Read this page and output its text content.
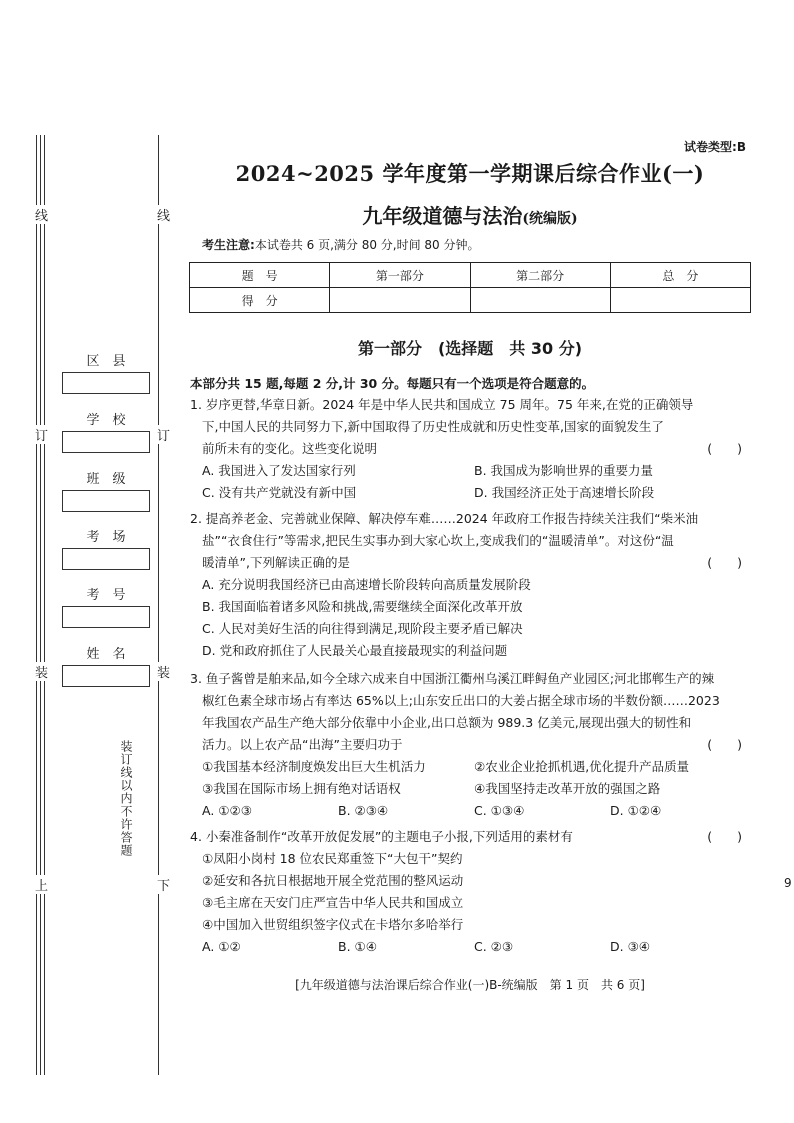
线
订
装
上
线
订
装
下
区　县
学　校
班　级
考　场
考　号
姓　名
装订线以内不许答题
试卷类型:B
2024~2025 学年度第一学期课后综合作业(一)
九年级道德与法治(统编版)
考生注意:本试卷共 6 页,满分 80 分,时间 80 分钟。
题　号	第一部分	第二部分	总　分
得　分			
第一部分　(选择题　共 30 分)
本部分共 15 题,每题 2 分,计 30 分。每题只有一个选项是符合题意的。

1. 岁序更替,华章日新。2024 年是中华人民共和国成立 75 周年。75 年来,在党的正确领导

下,中国人民的共同努力下,新中国取得了历史性成就和历史性变革,国家的面貌发生了

前所未有的变化。这些变化说明

A. 我国进入了发达国家行列	B. 我国成为影响世界的重要力量
(　　)

C. 没有共产党就没有新中国	D. 我国经济正处于高速增长阶段

2. 提高养老金、完善就业保障、解决停车难……2024 年政府工作报告持续关注我们“柴米油

盐”“衣食住行”等需求,把民生实事办到大家心坎上,变成我们的“温暖清单”。对这份“温

暖清单”,下列解读正确的是	(　　)

A. 充分说明我国经济已由高速增长阶段转向高质量发展阶段

B. 我国面临着诸多风险和挑战,需要继续全面深化改革开放

C. 人民对美好生活的向往得到满足,现阶段主要矛盾已解决

D. 党和政府抓住了人民最关心最直接最现实的利益问题

3. 鱼子酱曾是舶来品,如今全球六成来自中国浙江衢州乌溪江畔鲟鱼产业园区;河北邯郸生产的辣

椒红色素全球市场占有率达 65%以上;山东安丘出口的大姜占据全球市场的半数份额……2023

年我国农产品生产绝大部分依靠中小企业,出口总额为 989.3 亿美元,展现出强大的韧性和

活力。以上农产品“出海”主要归功于	(　　)

①我国基本经济制度焕发出巨大生机活力	②农业企业抢抓机遇,优化提升产品质量

③我国在国际市场上拥有绝对话语权	④我国坚持走改革开放的强国之路

A. ①②③	B. ②③④	C. ①③④	D. ①②④

4. 小秦准备制作“改革开放促发展”的主题电子小报,下列适用的素材有	(　　)

①凤阳小岗村 18 位农民郑重签下“大包干”契约

②延安和各抗日根据地开展全党范围的整风运动

③毛主席在天安门庄严宣告中华人民共和国成立

④中国加入世贸组织签字仪式在卡塔尔多哈举行

A. ①②	B. ①④	C. ②③	D. ③④

9
[九年级道德与法治课后综合作业(一)B-统编版　第 1 页　共 6 页]
